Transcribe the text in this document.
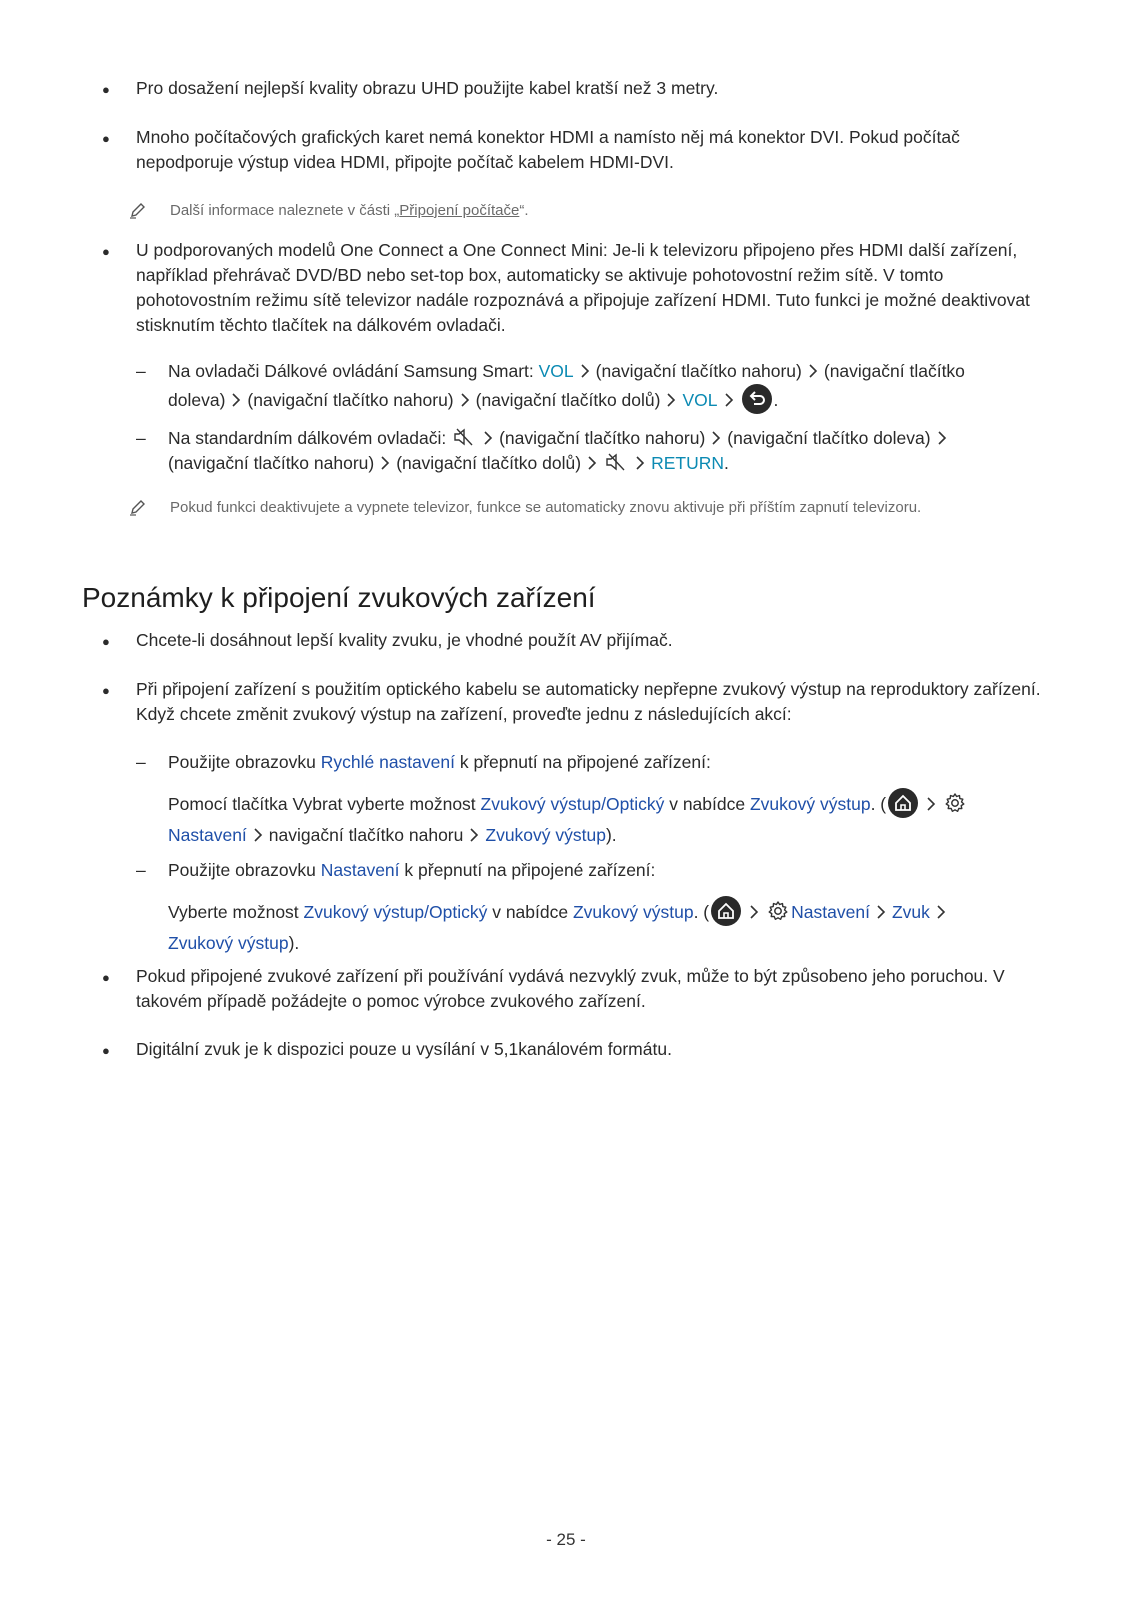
●
Pro dosažení nejlepší kvality obrazu UHD použijte kabel kratší než 3 metry.
●
Mnoho počítačových grafických karet nemá konektor HDMI a namísto něj má konektor DVI. Pokud počítač nepodporuje výstup videa HDMI, připojte počítač kabelem HDMI-DVI.
Další informace naleznete v části „Připojení počítače“.
●
U podporovaných modelů One Connect a One Connect Mini: Je-li k televizoru připojeno přes HDMI další zařízení, například přehrávač DVD/BD nebo set-top box, automaticky se aktivuje pohotovostní režim sítě. V tomto pohotovostním režimu sítě televizor nadále rozpoznává a připojuje zařízení HDMI. Tuto funkci je možné deaktivovat stisknutím těchto tlačítek na dálkovém ovladači.
– Na ovladači Dálkové ovládání Samsung Smart: VOL (navigační tlačítko nahoru) (navigační tlačítko
doleva) (navigační tlačítko nahoru) (navigační tlačítko dolů) VOL	.
– Na standardním dálkovém ovladači:	(navigační tlačítko nahoru) (navigační tlačítko doleva)

(navigační tlačítko nahoru) (navigační tlačítko dolů)	RETURN.
Pokud funkci deaktivujete a vypnete televizor, funkce se automaticky znovu aktivuje při příštím zapnutí televizoru.
Poznámky k připojení zvukových zařízení
●
Chcete-li dosáhnout lepší kvality zvuku, je vhodné použít AV přijímač.
●
Při připojení zařízení s použitím optického kabelu se automaticky nepřepne zvukový výstup na reproduktory zařízení. Když chcete změnit zvukový výstup na zařízení, proveďte jednu z následujících akcí:
– Použijte obrazovku Rychlé nastavení k přepnutí na připojené zařízení:
Pomocí tlačítka Vybrat vyberte možnost Zvukový výstup/Optický v nabídce Zvukový výstup. (

Nastavení navigační tlačítko nahoru Zvukový výstup).
– Použijte obrazovku Nastavení k přepnutí na připojené zařízení:
Vyberte možnost Zvukový výstup/Optický v nabídce Zvukový výstup. (	Nastavení Zvuk

Zvukový výstup).
●
Pokud připojené zvukové zařízení při používání vydává nezvyklý zvuk, může to být způsobeno jeho poruchou. V takovém případě požádejte o pomoc výrobce zvukového zařízení.
●
Digitální zvuk je k dispozici pouze u vysílání v 5,1kanálovém formátu.
- 25 -
